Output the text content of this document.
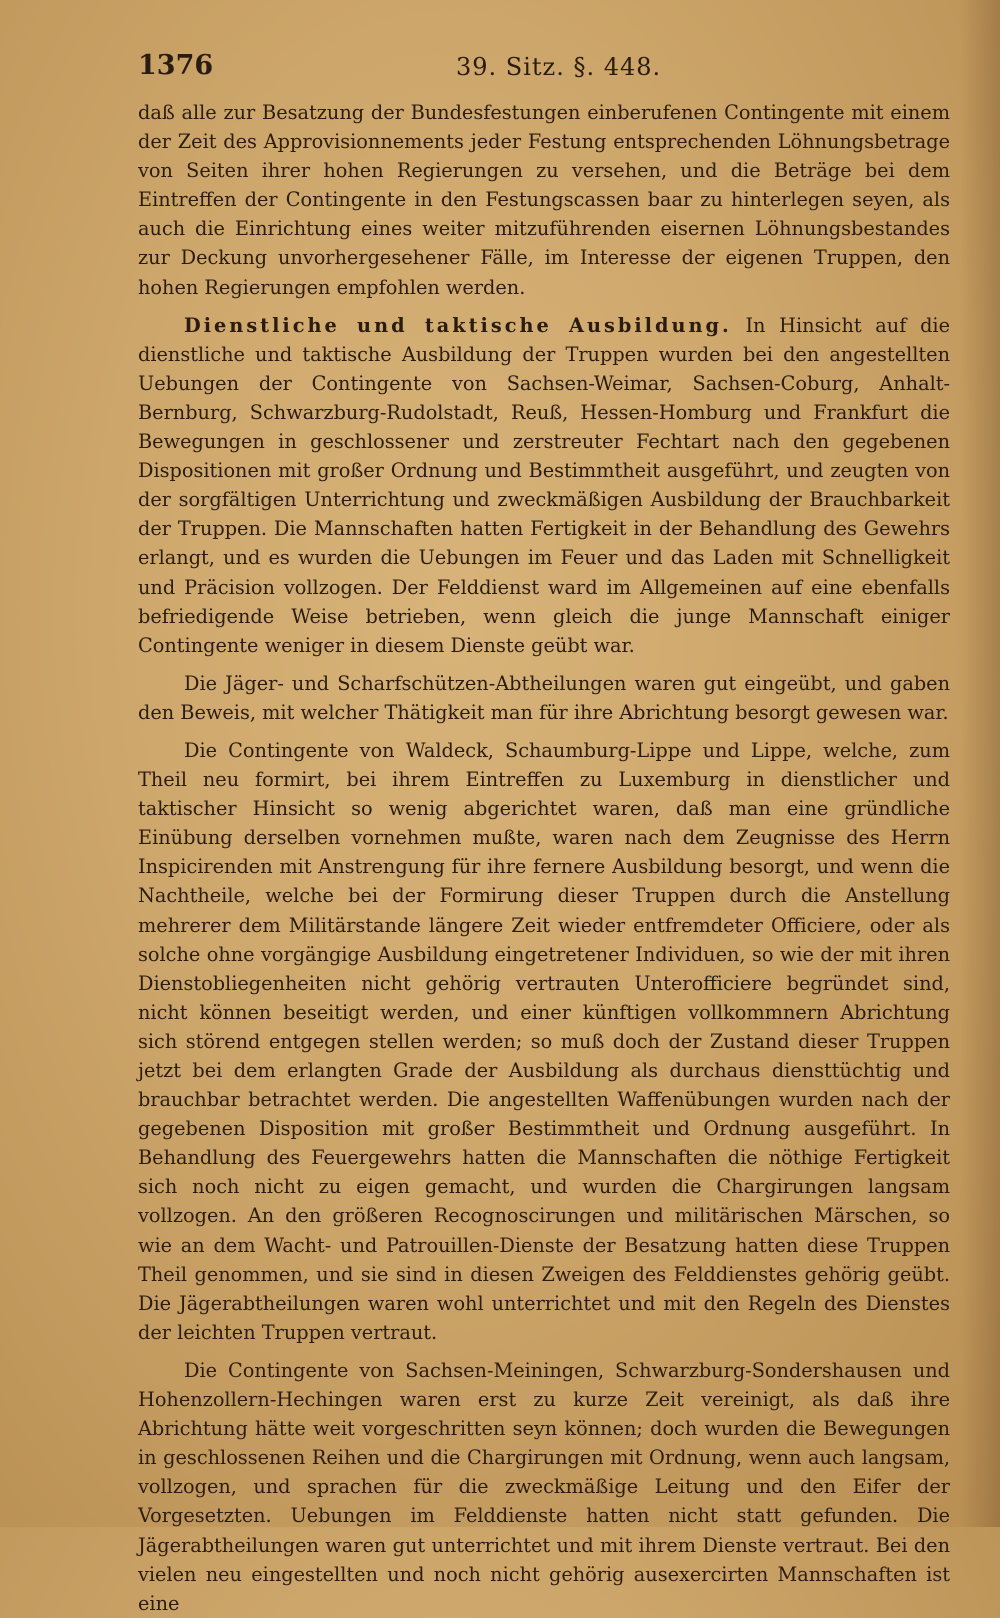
1376	39. Sitz. §. 448.

daß alle zur Besatzung der Bundesfestungen einberufenen Contingente mit einem der Zeit des Approvisionnements jeder Festung entsprechenden Löhnungsbetrage von Seiten ihrer hohen Regierungen zu versehen, und die Beträge bei dem Eintreffen der Contingente in den Festungscassen baar zu hinterlegen seyen, als auch die Einrichtung eines weiter mitzuführenden eisernen Löhnungsbestandes zur Deckung unvorhergesehener Fälle, im Interesse der eigenen Truppen, den hohen Regierungen empfohlen werden.

Dienstliche und taktische Ausbildung. In Hinsicht auf die dienstliche und taktische Ausbildung der Truppen wurden bei den angestellten Uebungen der Contingente von Sachsen-Weimar, Sachsen-Coburg, Anhalt-Bernburg, Schwarzburg-Rudolstadt, Reuß, Hessen-Homburg und Frankfurt die Bewegungen in geschlossener und zerstreuter Fechtart nach den gegebenen Dispositionen mit großer Ordnung und Bestimmtheit ausgeführt, und zeugten von der sorgfältigen Unterrichtung und zweckmäßigen Ausbildung der Brauchbarkeit der Truppen. Die Mannschaften hatten Fertigkeit in der Behandlung des Gewehrs erlangt, und es wurden die Uebungen im Feuer und das Laden mit Schnelligkeit und Präcision vollzogen. Der Felddienst ward im Allgemeinen auf eine ebenfalls befriedigende Weise betrieben, wenn gleich die junge Mannschaft einiger Contingente weniger in diesem Dienste geübt war.

Die Jäger- und Scharfschützen-Abtheilungen waren gut eingeübt, und gaben den Beweis, mit welcher Thätigkeit man für ihre Abrichtung besorgt gewesen war.

Die Contingente von Waldeck, Schaumburg-Lippe und Lippe, welche, zum Theil neu formirt, bei ihrem Eintreffen zu Luxemburg in dienstlicher und taktischer Hinsicht so wenig abgerichtet waren, daß man eine gründliche Einübung derselben vornehmen mußte, waren nach dem Zeugnisse des Herrn Inspicirenden mit Anstrengung für ihre fernere Ausbildung besorgt, und wenn die Nachtheile, welche bei der Formirung dieser Truppen durch die Anstellung mehrerer dem Militärstande längere Zeit wieder entfremdeter Officiere, oder als solche ohne vorgängige Ausbildung eingetretener Individuen, so wie der mit ihren Dienstobliegenheiten nicht gehörig vertrauten Unterofficiere begründet sind, nicht können beseitigt werden, und einer künftigen vollkommnern Abrichtung sich störend entgegen stellen werden; so muß doch der Zustand dieser Truppen jetzt bei dem erlangten Grade der Ausbildung als durchaus diensttüchtig und brauchbar betrachtet werden. Die angestellten Waffenübungen wurden nach der gegebenen Disposition mit großer Bestimmtheit und Ordnung ausgeführt. In Behandlung des Feuergewehrs hatten die Mannschaften die nöthige Fertigkeit sich noch nicht zu eigen gemacht, und wurden die Chargirungen langsam vollzogen. An den größeren Recognoscirungen und militärischen Märschen, so wie an dem Wacht- und Patrouillen-Dienste der Besatzung hatten diese Truppen Theil genommen, und sie sind in diesen Zweigen des Felddienstes gehörig geübt. Die Jägerabtheilungen waren wohl unterrichtet und mit den Regeln des Dienstes der leichten Truppen vertraut.

Die Contingente von Sachsen-Meiningen, Schwarzburg-Sondershausen und Hohenzollern-Hechingen waren erst zu kurze Zeit vereinigt, als daß ihre Abrichtung hätte weit vorgeschritten seyn können; doch wurden die Bewegungen in geschlossenen Reihen und die Chargirungen mit Ordnung, wenn auch langsam, vollzogen, und sprachen für die zweckmäßige Leitung und den Eifer der Vorgesetzten. Uebungen im Felddienste hatten nicht statt gefunden. Die Jägerabtheilungen waren gut unterrichtet und mit ihrem Dienste vertraut. Bei den vielen neu eingestellten und noch nicht gehörig ausexercirten Mannschaften ist eine
